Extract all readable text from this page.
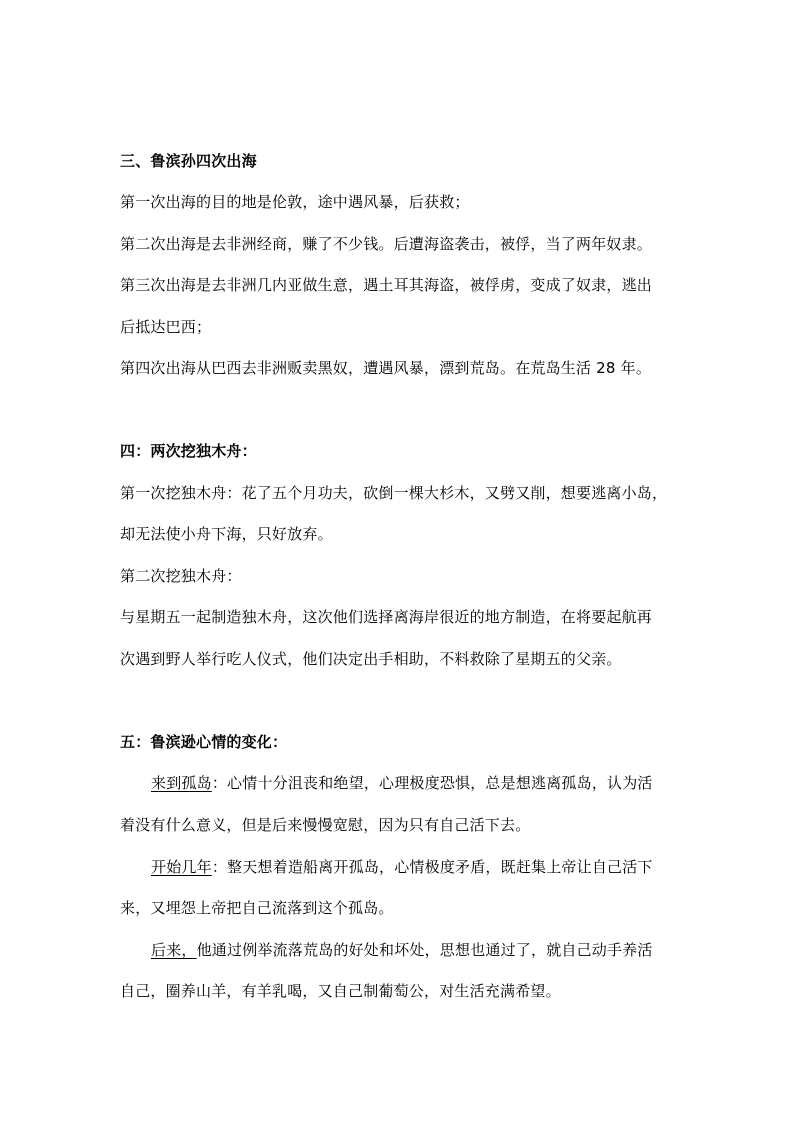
三、鲁滨孙四次出海
第一次出海的目的地是伦敦，途中遇风暴，后获救；
第二次出海是去非洲经商，赚了不少钱。后遭海盗袭击，被俘，当了两年奴隶。
第三次出海是去非洲几内亚做生意，遇土耳其海盗，被俘虏，变成了奴隶，逃出
后抵达巴西；
第四次出海从巴西去非洲贩卖黑奴，遭遇风暴，漂到荒岛。在荒岛生活 28 年。
四：两次挖独木舟：
第一次挖独木舟：花了五个月功夫，砍倒一棵大杉木，又劈又削，想要逃离小岛，
却无法使小舟下海，只好放弃。
第二次挖独木舟：
与星期五一起制造独木舟，这次他们选择离海岸很近的地方制造，在将要起航再
次遇到野人举行吃人仪式，他们决定出手相助，不料救除了星期五的父亲。
五：鲁滨逊心情的变化：
来到孤岛：心情十分沮丧和绝望，心理极度恐惧，总是想逃离孤岛，认为活
着没有什么意义，但是后来慢慢宽慰，因为只有自己活下去。
开始几年：整天想着造船离开孤岛，心情极度矛盾，既赶集上帝让自己活下
来，又埋怨上帝把自己流落到这个孤岛。
后来，他通过例举流落荒岛的好处和坏处，思想也通过了，就自己动手养活
自己，圈养山羊，有羊乳喝，又自己制葡萄公，对生活充满希望。
